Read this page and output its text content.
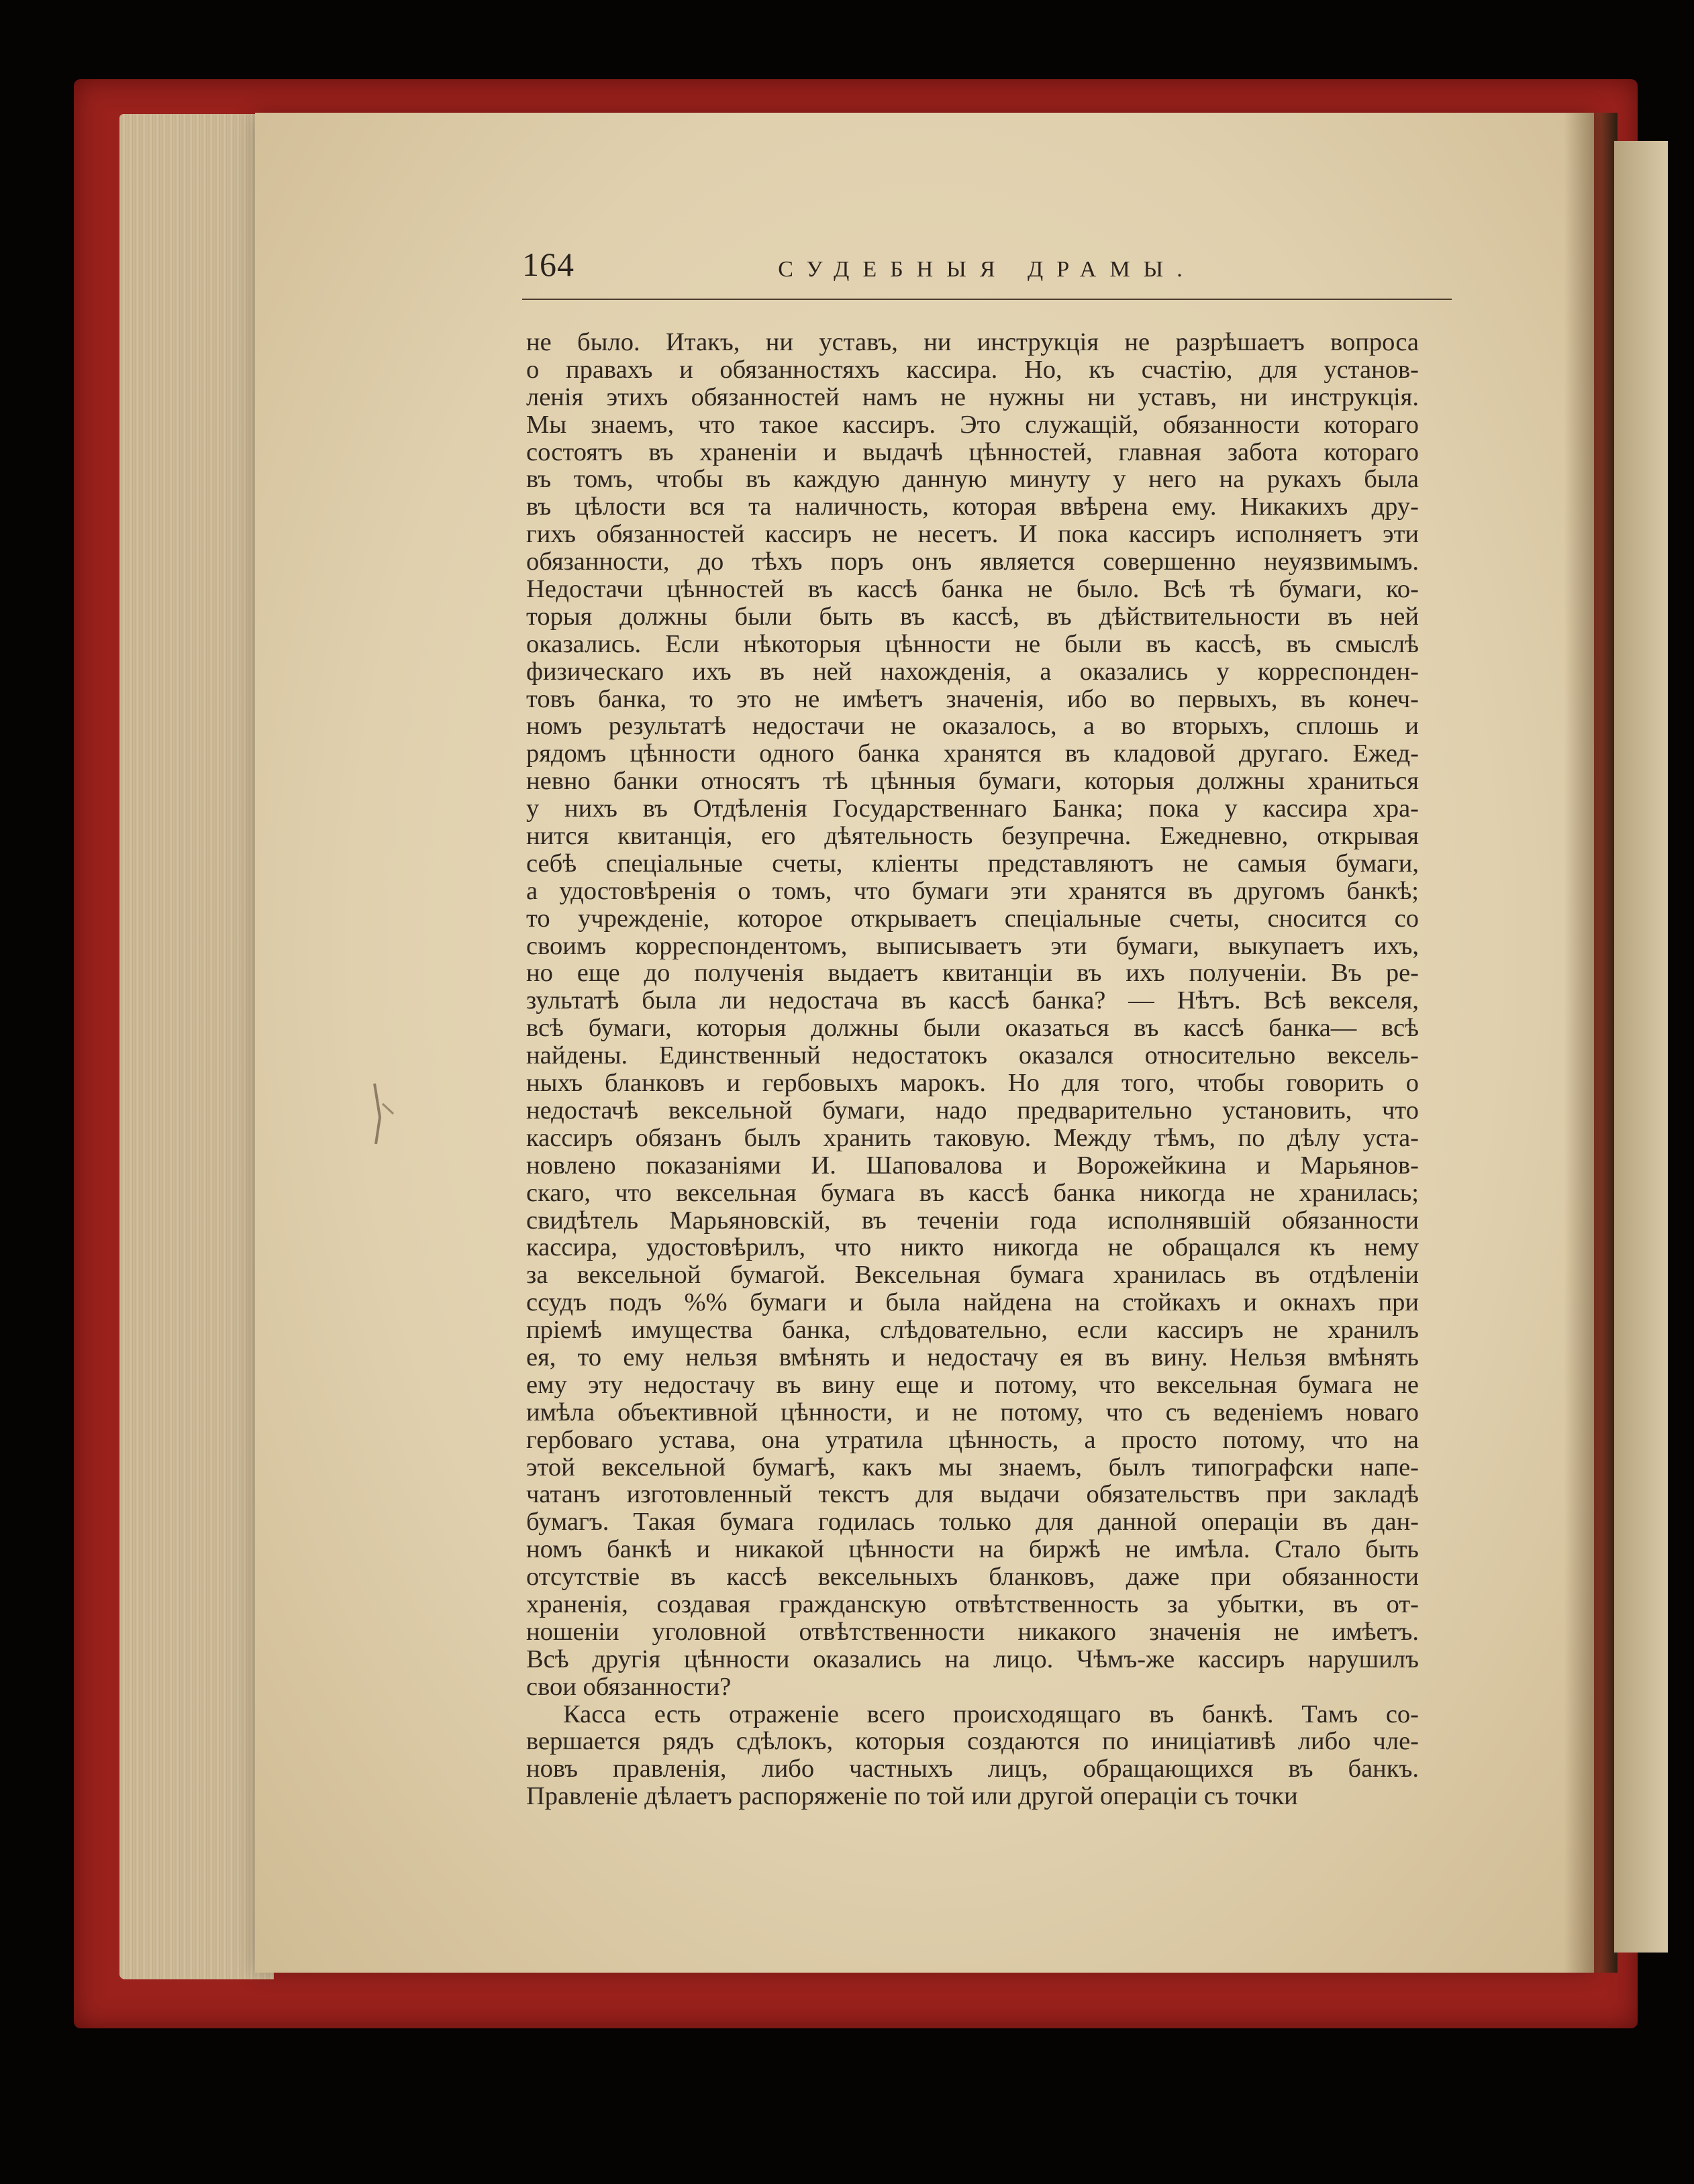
164	СУДЕБНЫЯ ДРАМЫ.
не было. Итакъ, ни уставъ, ни инструкція не разрѣшаетъ вопроса
о правахъ и обязанностяхъ кассира. Но, къ счастію, для установ-
ленія этихъ обязанностей намъ не нужны ни уставъ, ни инструкція.
Мы знаемъ, что такое кассиръ. Это служащій, обязанности котораго
состоятъ въ храненіи и выдачѣ цѣнностей, главная забота котораго
въ томъ, чтобы въ каждую данную минуту у него на рукахъ была
въ цѣлости вся та наличность, которая ввѣрена ему. Никакихъ дру-
гихъ обязанностей кассиръ не несетъ. И пока кассиръ исполняетъ эти
обязанности, до тѣхъ поръ онъ является совершенно неуязвимымъ.
Недостачи цѣнностей въ кассѣ банка не было. Всѣ тѣ бумаги, ко-
торыя должны были быть въ кассѣ, въ дѣйствительности въ ней
оказались. Если нѣкоторыя цѣнности не были въ кассѣ, въ смыслѣ
физическаго ихъ въ ней нахожденія, а оказались у корреспонден-
товъ банка, то это не имѣетъ значенія, ибо во первыхъ, въ конеч-
номъ результатѣ недостачи не оказалось, а во вторыхъ, сплошь и
рядомъ цѣнности одного банка хранятся въ кладовой другаго. Ежед-
невно банки относятъ тѣ цѣнныя бумаги, которыя должны храниться
у нихъ въ Отдѣленія Государственнаго Банка; пока у кассира хра-
нится квитанція, его дѣятельность безупречна. Ежедневно, открывая
себѣ спеціальные счеты, кліенты представляютъ не самыя бумаги,
а удостовѣренія о томъ, что бумаги эти хранятся въ другомъ банкѣ;
то учрежденіе, которое открываетъ спеціальные счеты, сносится со
своимъ корреспондентомъ, выписываетъ эти бумаги, выкупаетъ ихъ,
но еще до полученія выдаетъ квитанціи въ ихъ полученіи. Въ ре-
зультатѣ была ли недостача въ кассѣ банка? — Нѣтъ. Всѣ векселя,
всѣ бумаги, которыя должны были оказаться въ кассѣ банка— всѣ
найдены. Единственный недостатокъ оказался относительно вексель-
ныхъ бланковъ и гербовыхъ марокъ. Но для того, чтобы говорить о
недостачѣ вексельной бумаги, надо предварительно установить, что
кассиръ обязанъ былъ хранить таковую. Между тѣмъ, по дѣлу уста-
новлено показаніями И. Шаповалова и Ворожейкина и Марьянов-
скаго, что вексельная бумага въ кассѣ банка никогда не хранилась;
свидѣтель Марьяновскій, въ теченіи года исполнявшій обязанности
кассира, удостовѣрилъ, что никто никогда не обращался къ нему
за вексельной бумагой. Вексельная бумага хранилась въ отдѣленіи
ссудъ подъ %% бумаги и была найдена на стойкахъ и окнахъ при
пріемѣ имущества банка, слѣдовательно, если кассиръ не хранилъ
ея, то ему нельзя вмѣнять и недостачу ея въ вину. Нельзя вмѣнять
ему эту недостачу въ вину еще и потому, что вексельная бумага не
имѣла объективной цѣнности, и не потому, что съ веденіемъ новаго
гербоваго устава, она утратила цѣнность, а просто потому, что на
этой вексельной бумагѣ, какъ мы знаемъ, былъ типографски напе-
чатанъ изготовленный текстъ для выдачи обязательствъ при закладѣ
бумагъ. Такая бумага годилась только для данной операціи въ дан-
номъ банкѣ и никакой цѣнности на биржѣ не имѣла. Стало быть
отсутствіе въ кассѣ вексельныхъ бланковъ, даже при обязанности
храненія, создавая гражданскую отвѣтственность за убытки, въ от-
ношеніи уголовной отвѣтственности никакого значенія не имѣетъ.
Всѣ другія цѣнности оказались на лицо. Чѣмъ-же кассиръ нарушилъ
свои обязанности?
Касса есть отраженіе всего происходящаго въ банкѣ. Тамъ со-
вершается рядъ сдѣлокъ, которыя создаются по иниціативѣ либо чле-
новъ правленія, либо частныхъ лицъ, обращающихся въ банкъ.
Правленіе дѣлаетъ распоряженіе по той или другой операціи съ точки
